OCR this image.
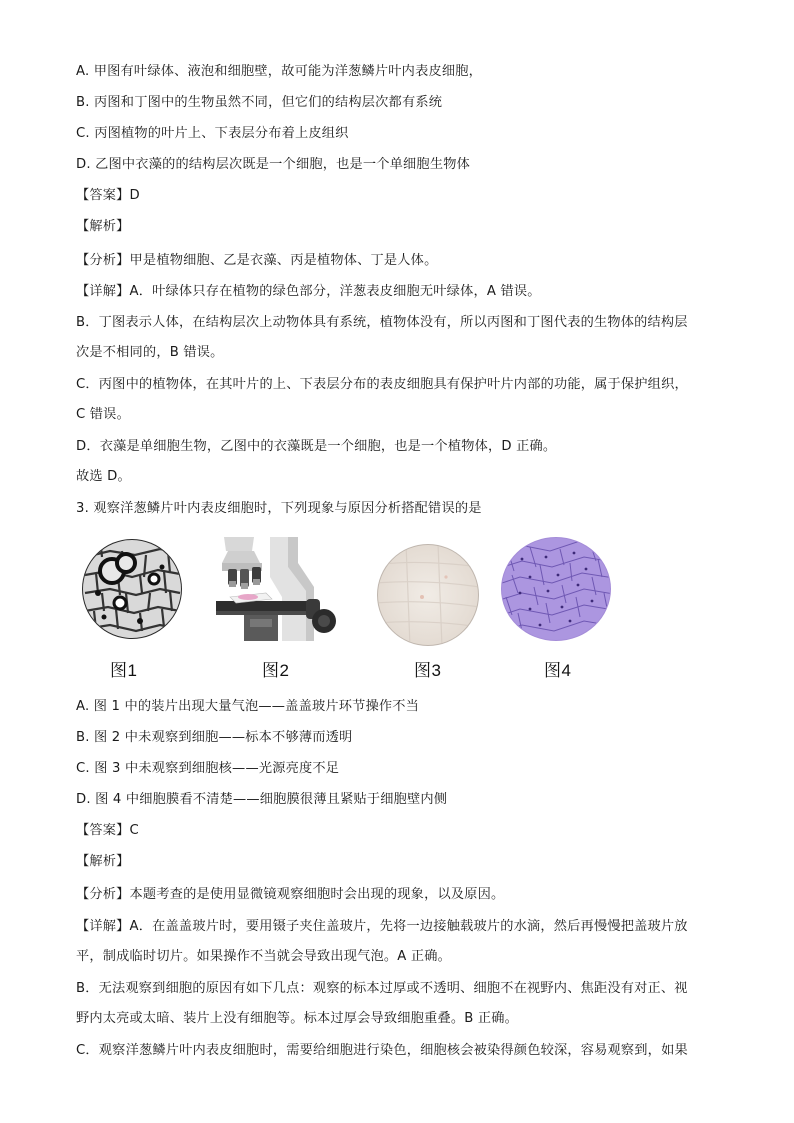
A. 甲图有叶绿体、液泡和细胞壁，故可能为洋葱鳞片叶内表皮细胞，
B. 丙图和丁图中的生物虽然不同，但它们的结构层次都有系统
C. 丙图植物的叶片上、下表层分布着上皮组织
D. 乙图中衣藻的的结构层次既是一个细胞，也是一个单细胞生物体
【答案】D
【解析】
【分析】甲是植物细胞、乙是衣藻、丙是植物体、丁是人体。
【详解】A．叶绿体只存在植物的绿色部分，洋葱表皮细胞无叶绿体，A 错误。
B．丁图表示人体，在结构层次上动物体具有系统，植物体没有，所以丙图和丁图代表的生物体的结构层
次是不相同的，B 错误。
C．丙图中的植物体，在其叶片的上、下表层分布的表皮细胞具有保护叶片内部的功能，属于保护组织，
C 错误。
D．衣藻是单细胞生物，乙图中的衣藻既是一个细胞，也是一个植物体，D 正确。
故选 D。
3. 观察洋葱鳞片叶内表皮细胞时，下列现象与原因分析搭配错误的是
图1	图2	图3	图4
A. 图 1 中的装片出现大量气泡——盖盖玻片环节操作不当
B. 图 2 中未观察到细胞——标本不够薄而透明
C. 图 3 中未观察到细胞核——光源亮度不足
D. 图 4 中细胞膜看不清楚——细胞膜很薄且紧贴于细胞壁内侧
【答案】C
【解析】
【分析】本题考查的是使用显微镜观察细胞时会出现的现象，以及原因。
【详解】A．在盖盖玻片时，要用镊子夹住盖玻片，先将一边接触载玻片的水滴，然后再慢慢把盖玻片放
平，制成临时切片。如果操作不当就会导致出现气泡。A 正确。
B．无法观察到细胞的原因有如下几点：观察的标本过厚或不透明、细胞不在视野内、焦距没有对正、视
野内太亮或太暗、装片上没有细胞等。标本过厚会导致细胞重叠。B 正确。
C．观察洋葱鳞片叶内表皮细胞时，需要给细胞进行染色，细胞核会被染得颜色较深，容易观察到，如果
